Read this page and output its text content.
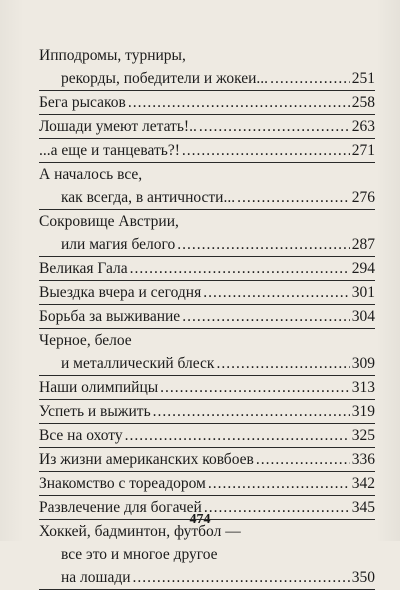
Ипподромы, турниры,
рекорды, победители и жокеи... .....	251
Бега рысаков .....	258
Лошади умеют летать!.. .....	263
...а еще и танцевать?! .....	271
А началось все,
как всегда, в античности... .....	276
Сокровище Австрии,
или магия белого .....	287
Великая Гала .....	294
Выездка вчера и сегодня .....	301
Борьба за выживание .....	304
Черное, белое
и металлический блеск .....	309
Наши олимпийцы .....	313
Успеть и выжить .....	319
Все на охоту .....	325
Из жизни американских ковбоев .....	336
Знакомство с тореадором .....	342
Развлечение для богачей .....	345
Хоккей, бадминтон, футбол —
все это и многое другое
на лошади .....	350
474
